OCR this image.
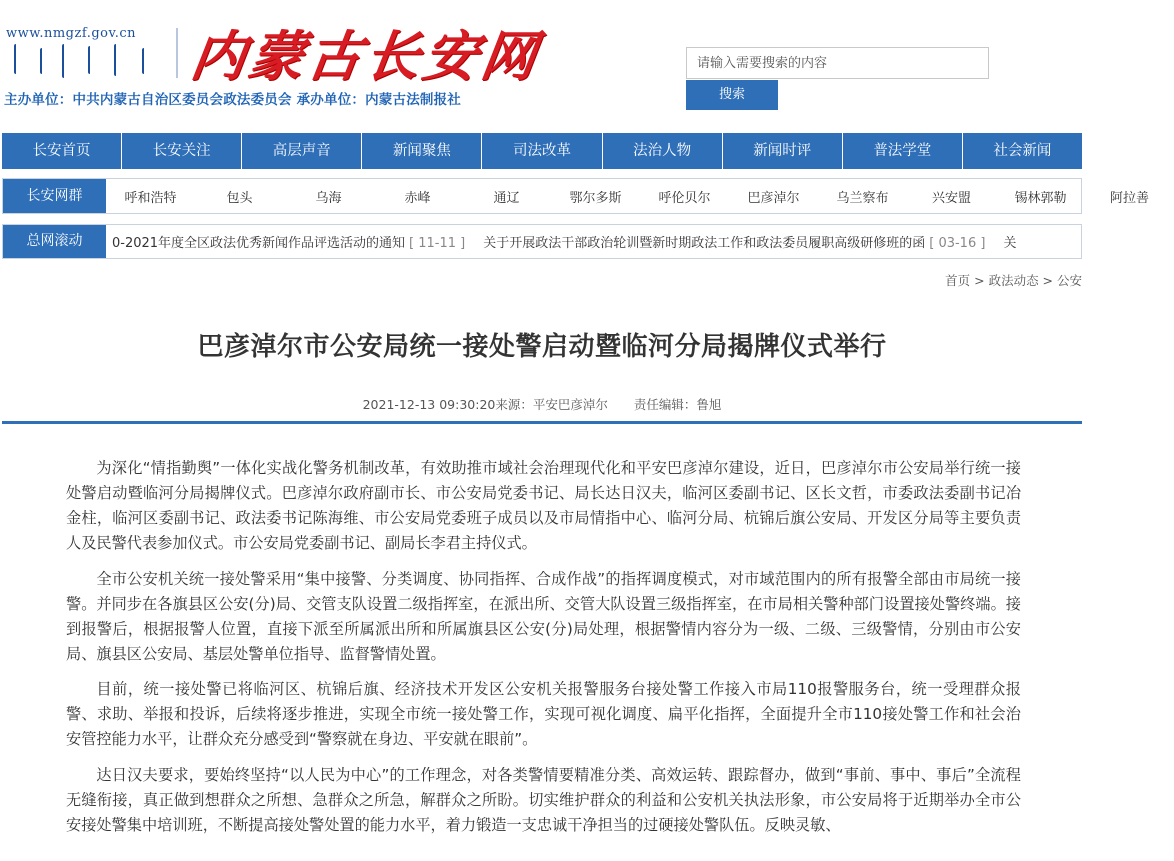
www.nmgzf.gov.cn 内蒙古长安网
主办单位：中共内蒙古自治区委员会政法委员会 承办单位：内蒙古法制报社
请输入需要搜索的内容	搜索
长安首页	长安关注	高层声音	新闻聚焦	司法改革	法治人物	新闻时评	普法学堂	社会新闻
长安网群	呼和浩特	包头	乌海	赤峰	通辽	鄂尔多斯	呼伦贝尔	巴彦淖尔	乌兰察布	兴安盟	锡林郭勒	阿拉善
总网滚动	0-2021年度全区政法优秀新闻作品评选活动的通知 [ 11-11 ] 关于开展政法干部政治轮训暨新时期政法工作和政法委员履职高级研修班的函 [ 03-16 ] 关
首页 > 政法动态 > 公安
巴彦淖尔市公安局统一接处警启动暨临河分局揭牌仪式举行
2021-12-13 09:30:20来源：平安巴彦淖尔 责任编辑：鲁旭

为深化“情指勤舆”一体化实战化警务机制改革，有效助推市域社会治理现代化和平安巴彦淖尔建设，近日，巴彦淖尔市公安局举行统一接处警启动暨临河分局揭牌仪式。巴彦淖尔政府副市长、市公安局党委书记、局长达日汉夫，临河区委副书记、区长文哲，市委政法委副书记冶金柱，临河区委副书记、政法委书记陈海维、市公安局党委班子成员以及市局情指中心、临河分局、杭锦后旗公安局、开发区分局等主要负责人及民警代表参加仪式。市公安局党委副书记、副局长李君主持仪式。

全市公安机关统一接处警采用“集中接警、分类调度、协同指挥、合成作战”的指挥调度模式，对市域范围内的所有报警全部由市局统一接警。并同步在各旗县区公安(分)局、交管支队设置二级指挥室，在派出所、交管大队设置三级指挥室，在市局相关警种部门设置接处警终端。接到报警后，根据报警人位置，直接下派至所属派出所和所属旗县区公安(分)局处理，根据警情内容分为一级、二级、三级警情，分别由市公安局、旗县区公安局、基层处警单位指导、监督警情处置。

目前，统一接处警已将临河区、杭锦后旗、经济技术开发区公安机关报警服务台接处警工作接入市局110报警服务台，统一受理群众报警、求助、举报和投诉，后续将逐步推进，实现全市统一接处警工作，实现可视化调度、扁平化指挥，全面提升全市110接处警工作和社会治安管控能力水平，让群众充分感受到“警察就在身边、平安就在眼前”。

达日汉夫要求，要始终坚持“以人民为中心”的工作理念，对各类警情要精准分类、高效运转、跟踪督办，做到“事前、事中、事后”全流程无缝衔接，真正做到想群众之所想、急群众之所急，解群众之所盼。切实维护群众的利益和公安机关执法形象，市公安局将于近期举办全市公安接处警集中培训班，不断提高接处警处置的能力水平，着力锻造一支忠诚干净担当的过硬接处警队伍。反映灵敏、
